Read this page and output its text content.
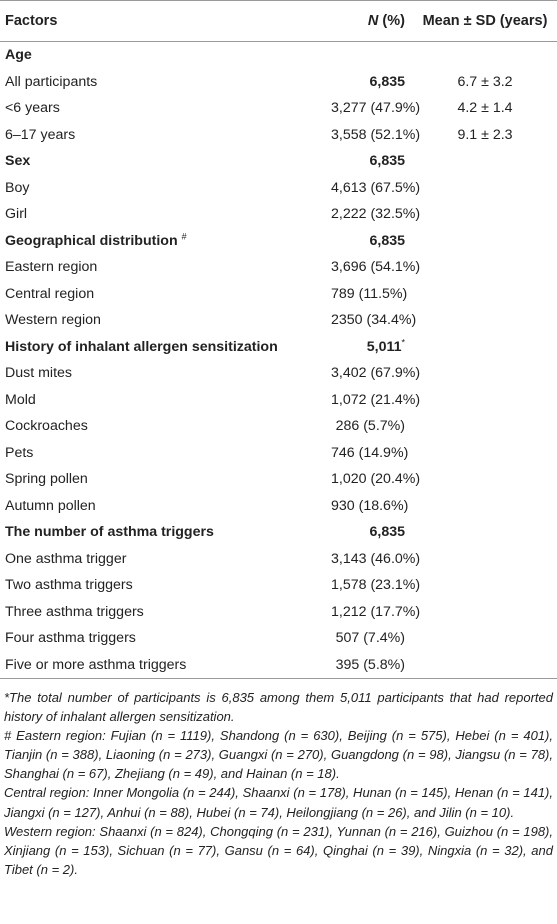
Factors	N (%)	Mean ± SD (years)
Age		
All participants	6,835	6.7 ± 3.2
<6 years	3,277 (47.9%)	4.2 ± 1.4
6–17 years	3,558 (52.1%)	9.1 ± 2.3
Sex	6,835	
Boy	4,613 (67.5%)	
Girl	2,222 (32.5%)	
Geographical distribution #	6,835	
Eastern region	3,696 (54.1%)	
Central region	789 (11.5%)	
Western region	2350 (34.4%)	
History of inhalant allergen sensitization	5,011*	
Dust mites	3,402 (67.9%)	
Mold	1,072 (21.4%)	
Cockroaches	286 (5.7%)	
Pets	746 (14.9%)	
Spring pollen	1,020 (20.4%)	
Autumn pollen	930 (18.6%)	
The number of asthma triggers	6,835	
One asthma trigger	3,143 (46.0%)	
Two asthma triggers	1,578 (23.1%)	
Three asthma triggers	1,212 (17.7%)	
Four asthma triggers	507 (7.4%)	
Five or more asthma triggers	395 (5.8%)	

*The total number of participants is 6,835 among them 5,011 participants that had reported history of inhalant allergen sensitization.

# Eastern region: Fujian (n = 1119), Shandong (n = 630), Beijing (n = 575), Hebei (n = 401), Tianjin (n = 388), Liaoning (n = 273), Guangxi (n = 270), Guangdong (n = 98), Jiangsu (n = 78), Shanghai (n = 67), Zhejiang (n = 49), and Hainan (n = 18).

Central region: Inner Mongolia (n = 244), Shaanxi (n = 178), Hunan (n = 145), Henan (n = 141), Jiangxi (n = 127), Anhui (n = 88), Hubei (n = 74), Heilongjiang (n = 26), and Jilin (n = 10).

Western region: Shaanxi (n = 824), Chongqing (n = 231), Yunnan (n = 216), Guizhou (n = 198), Xinjiang (n = 153), Sichuan (n = 77), Gansu (n = 64), Qinghai (n = 39), Ningxia (n = 32), and Tibet (n = 2).
